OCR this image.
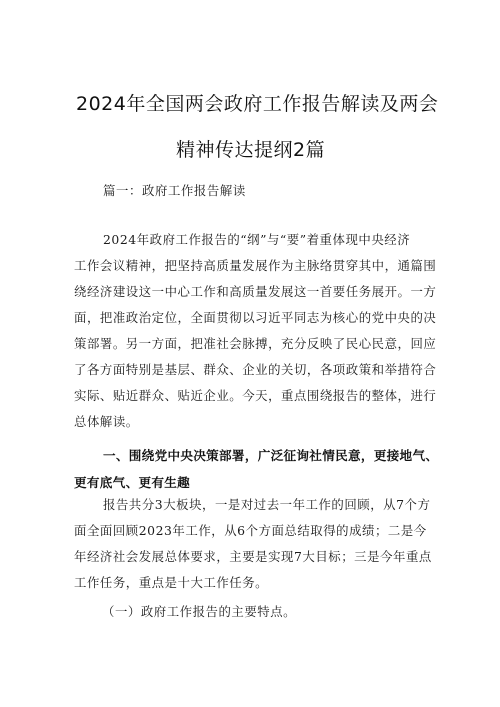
2024年全国两会政府工作报告解读及两会
精神传达提纲2篇
篇一：政府工作报告解读
2024年政府工作报告的“纲”与“要”着重体现中央经济
工作会议精神，把坚持高质量发展作为主脉络贯穿其中，通篇围
绕经济建设这一中心工作和高质量发展这一首要任务展开。一方
面，把准政治定位，全面贯彻以习近平同志为核心的党中央的决
策部署。另一方面，把准社会脉搏，充分反映了民心民意，回应
了各方面特别是基层、群众、企业的关切，各项政策和举措符合
实际、贴近群众、贴近企业。今天，重点围绕报告的整体，进行
总体解读。
一、围绕党中央决策部署，广泛征询社情民意，更接地气、
更有底气、更有生趣
报告共分3大板块，一是对过去一年工作的回顾，从7个方
面全面回顾2023年工作，从6个方面总结取得的成绩；二是今
年经济社会发展总体要求，主要是实现7大目标；三是今年重点
工作任务，重点是十大工作任务。
（一）政府工作报告的主要特点。
